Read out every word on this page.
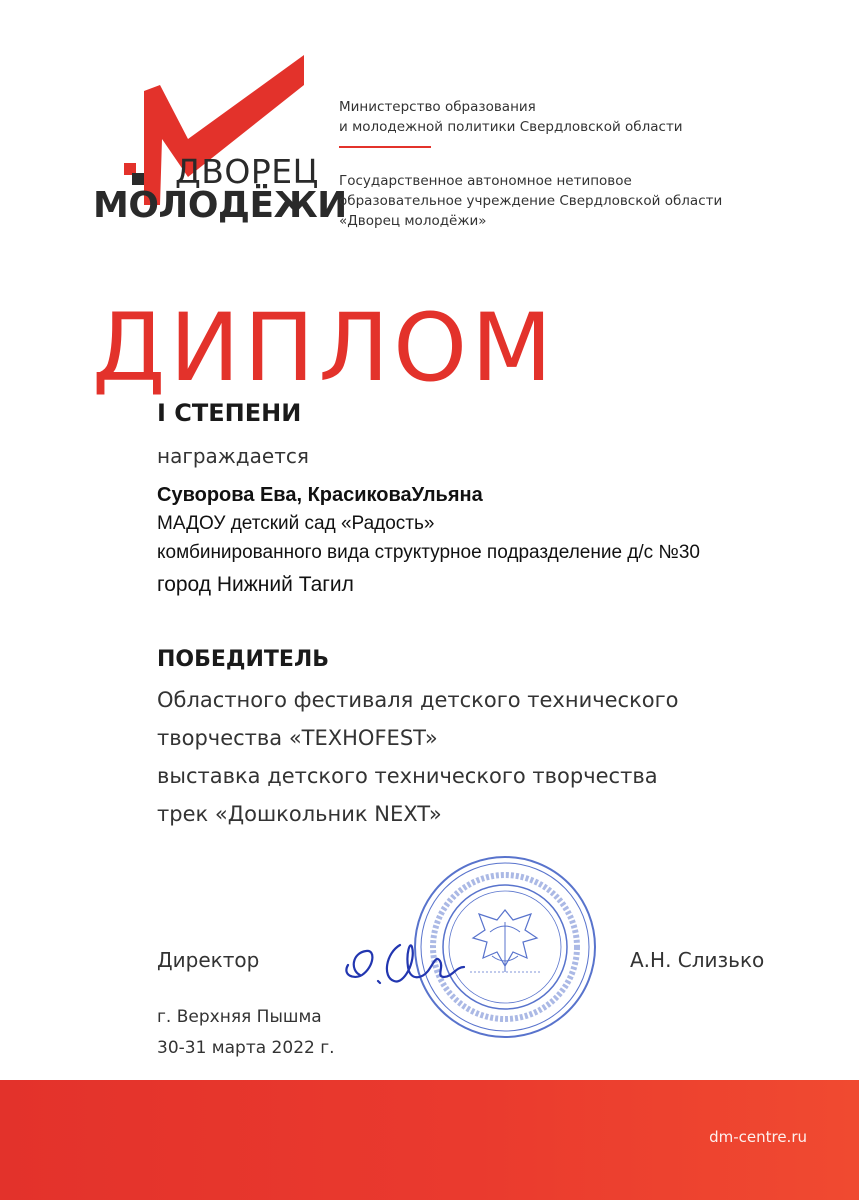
ДВОРЕЦ
МОЛОДЁЖИ
Министерство образования
и молодежной политики Свердловской области
Государственное автономное нетиповое
образовательное учреждение Свердловской области
«Дворец молодёжи»
ДИПЛОМ
I СТЕПЕНИ
награждается
Суворова Ева, КрасиковаУльяна
МАДОУ детский сад «Радость»
комбинированного вида структурное подразделение д/с №30
город Нижний Тагил
ПОБЕДИТЕЛЬ
Областного фестиваля детского технического
творчества «TEXHOFEST»
выставка детского технического творчества
трек «Дошкольник NEXT»
Директор	А.Н. Слизько
г. Верхняя Пышма
30-31 марта 2022 г.
dm-centre.ru
